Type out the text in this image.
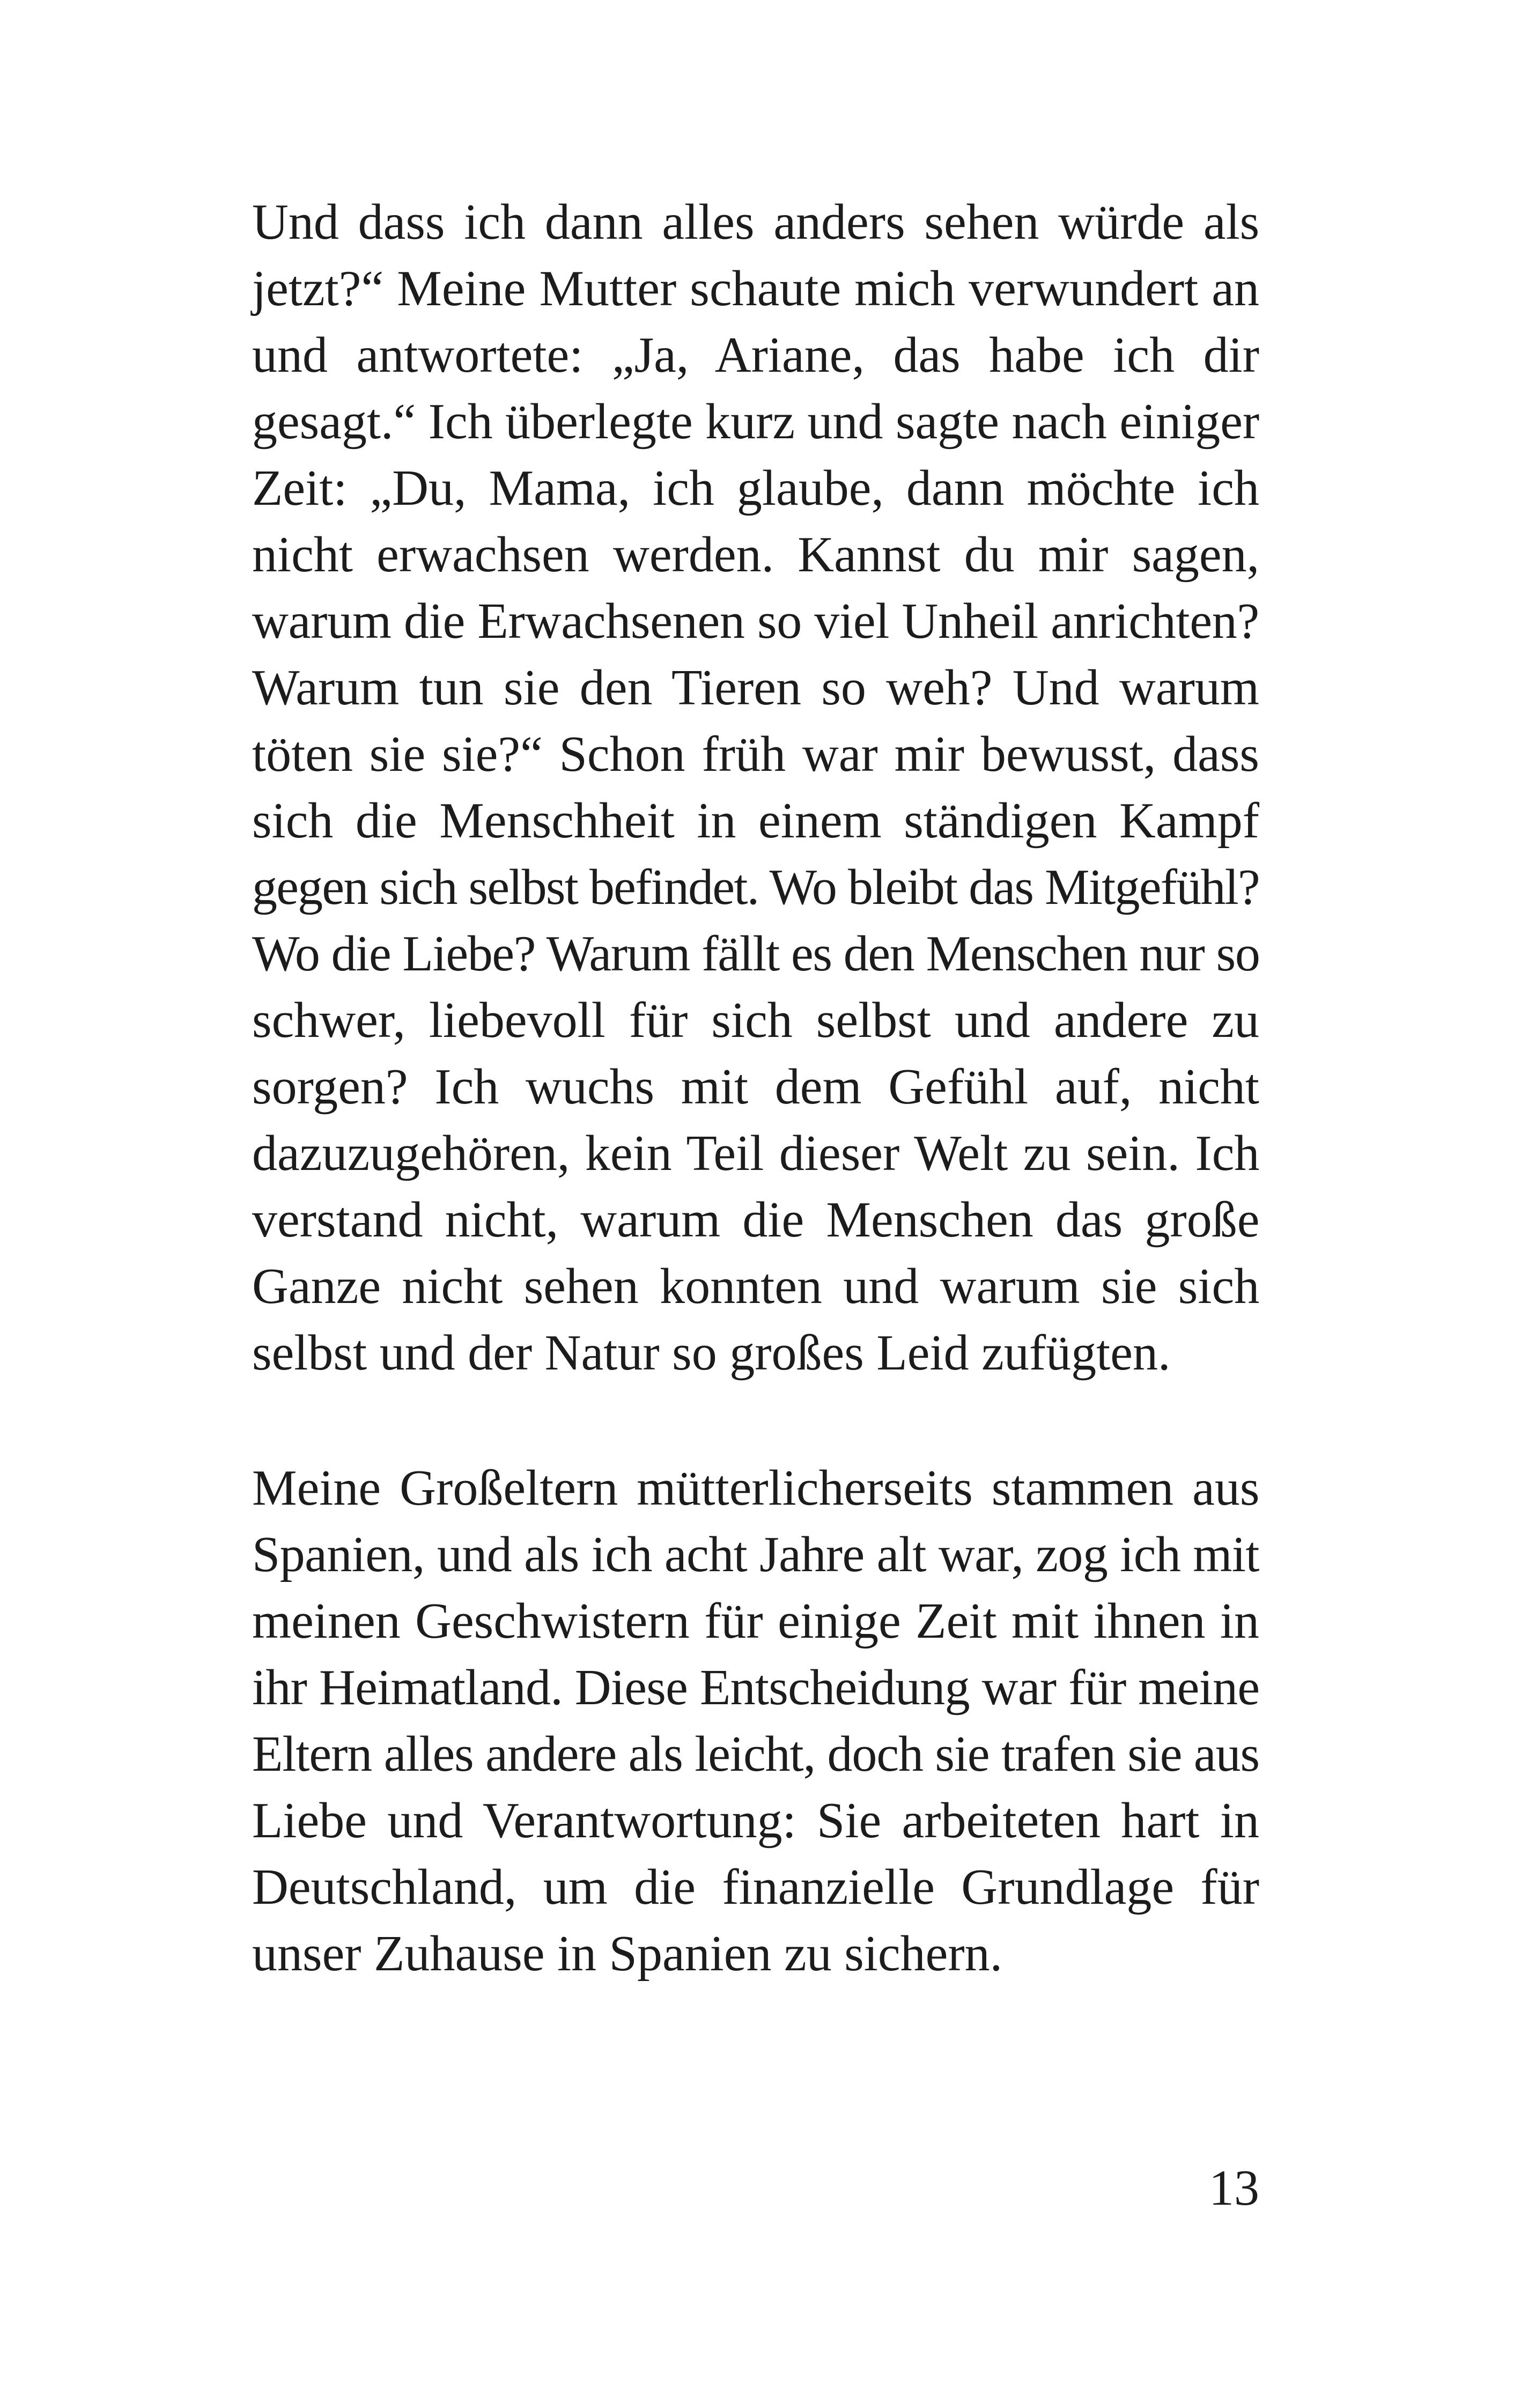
Und dass ich dann alles anders sehen würde als
jetzt?“ Meine Mutter schaute mich verwundert an
und antwortete: „Ja, Ariane, das habe ich dir
gesagt.“ Ich überlegte kurz und sagte nach einiger
Zeit: „Du, Mama, ich glaube, dann möchte ich
nicht erwachsen werden. Kannst du mir sagen,
warum die Erwachsenen so viel Unheil anrichten?
Warum tun sie den Tieren so weh? Und warum
töten sie sie?“ Schon früh war mir bewusst, dass
sich die Menschheit in einem ständigen Kampf
gegen sich selbst befindet. Wo bleibt das Mitgefühl?
Wo die Liebe? Warum fällt es den Menschen nur so
schwer, liebevoll für sich selbst und andere zu
sorgen? Ich wuchs mit dem Gefühl auf, nicht
dazuzugehören, kein Teil dieser Welt zu sein. Ich
verstand nicht, warum die Menschen das große
Ganze nicht sehen konnten und warum sie sich
selbst und der Natur so großes Leid zufügten.
Meine Großeltern mütterlicherseits stammen aus
Spanien, und als ich acht Jahre alt war, zog ich mit
meinen Geschwistern für einige Zeit mit ihnen in
ihr Heimatland. Diese Entscheidung war für meine
Eltern alles andere als leicht, doch sie trafen sie aus
Liebe und Verantwortung: Sie arbeiteten hart in
Deutschland, um die finanzielle Grundlage für
unser Zuhause in Spanien zu sichern.
13
